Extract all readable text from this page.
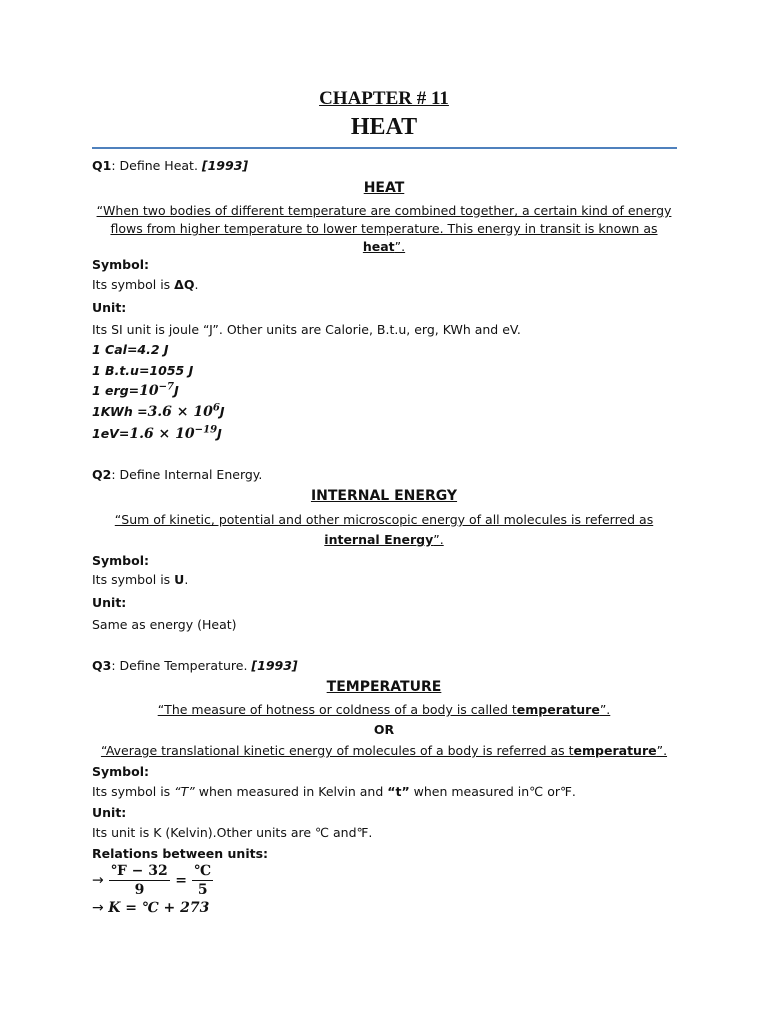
CHAPTER # 11
HEAT
Q1: Define Heat. [1993]
HEAT
“When two bodies of different temperature are combined together, a certain kind of energy
flows from higher temperature to lower temperature. This energy in transit is known as
heat”.
Symbol:
Its symbol is ΔQ.
Unit:
Its SI unit is joule “J”. Other units are Calorie, B.t.u, erg, KWh and eV.
1 Cal=4.2 J
1 B.t.u=1055 J
1 $erg=10^{-7}J$
$1KWh =3.6 \times 10^6J$
$1eV=1.6 \times 10^{-19}J$
Q2: Define Internal Energy.
INTERNAL ENERGY
“Sum of kinetic, potential and other microscopic energy of all molecules is referred as
internal Energy”.
Symbol:
Its symbol is U.
Unit:
Same as energy (Heat)
Q3: Define Temperature. [1993]
TEMPERATURE
“The measure of hotness or coldness of a body is called temperature”.
OR
“Average translational kinetic energy of molecules of a body is referred as temperature”.
Symbol:
Its symbol is “T” when measured in Kelvin and “t” when measured in℃ or℉.
Unit:
Its unit is K (Kelvin).Other units are ℃ and℉.
Relations between units:
→ $\frac{℉ - 32}{9} = \frac{℃}{5}$
→ K = ℃ + 273
